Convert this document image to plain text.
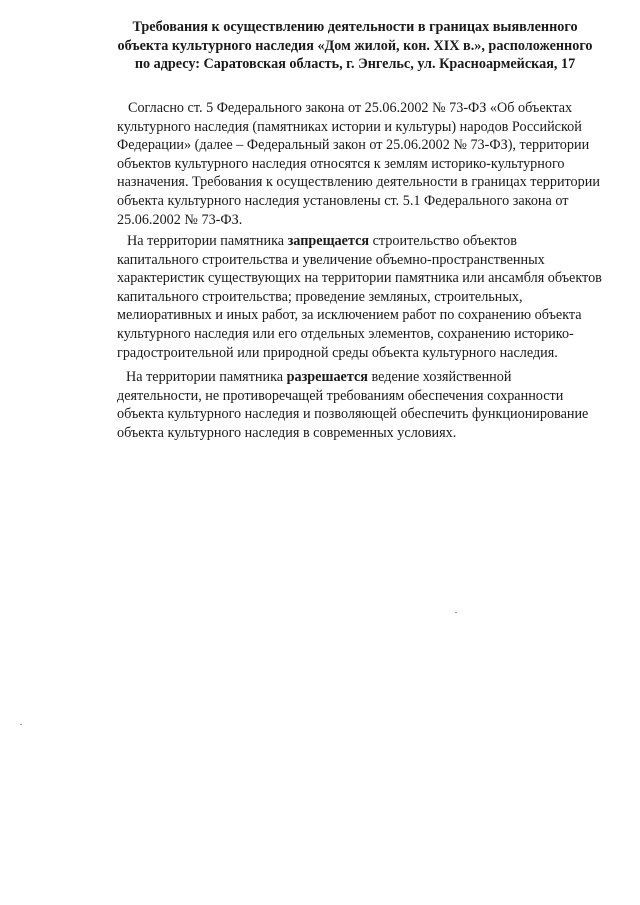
Требования к осуществлению деятельности в границах выявленного
объекта культурного наследия «Дом жилой, кон. XIX в.», расположенного
по адресу: Саратовская область, г. Энгельс, ул. Красноармейская, 17

Согласно ст. 5 Федерального закона от 25.06.2002 № 73-ФЗ «Об объектах
культурного наследия (памятниках истории и культуры) народов Российской
Федерации» (далее – Федеральный закон от 25.06.2002 № 73-ФЗ), территории
объектов культурного наследия относятся к землям историко-культурного
назначения. Требования к осуществлению деятельности в границах территории
объекта культурного наследия установлены ст. 5.1 Федерального закона от
25.06.2002 № 73-ФЗ.

На территории памятника запрещается строительство объектов
капитального строительства и увеличение объемно-пространственных
характеристик существующих на территории памятника или ансамбля объектов
капитального строительства; проведение земляных, строительных,
мелиоративных и иных работ, за исключением работ по сохранению объекта
культурного наследия или его отдельных элементов, сохранению историко-
градостроительной или природной среды объекта культурного наследия.

На территории памятника разрешается ведение хозяйственной
деятельности, не противоречащей требованиям обеспечения сохранности
объекта культурного наследия и позволяющей обеспечить функционирование
объекта культурного наследия в современных условиях.
